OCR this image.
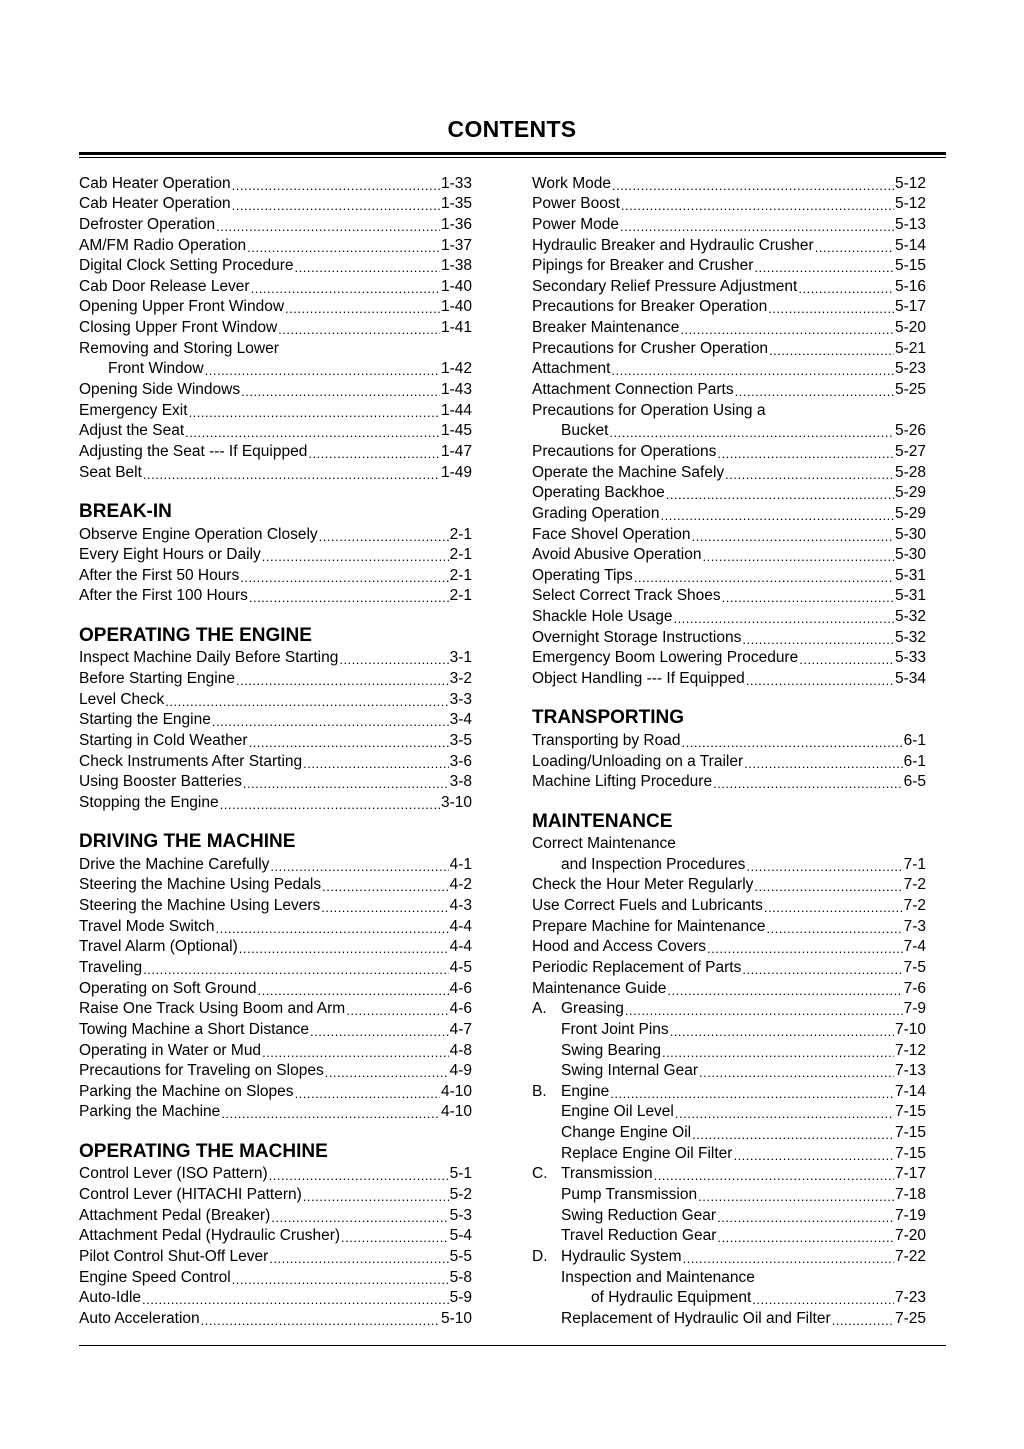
CONTENTS
Cab Heater Operation .....	1-33
Cab Heater Operation .....	1-35
Defroster Operation .....	1-36
AM/FM Radio Operation .....	1-37
Digital Clock Setting Procedure .....	1-38
Cab Door Release Lever .....	1-40
Opening Upper Front Window .....	1-40
Closing Upper Front Window .....	1-41
Removing and Storing Lower
Front Window .....	1-42
Opening Side Windows .....	1-43
Emergency Exit .....	1-44
Adjust the Seat .....	1-45
Adjusting the Seat --- If Equipped .....	1-47
Seat Belt .....	1-49
BREAK-IN
Observe Engine Operation Closely .....	2-1
Every Eight Hours or Daily .....	2-1
After the First 50 Hours .....	2-1
After the First 100 Hours .....	2-1
OPERATING THE ENGINE
Inspect Machine Daily Before Starting .....	3-1
Before Starting Engine .....	3-2
Level Check .....	3-3
Starting the Engine .....	3-4
Starting in Cold Weather .....	3-5
Check Instruments After Starting .....	3-6
Using Booster Batteries .....	3-8
Stopping the Engine .....	3-10
DRIVING THE MACHINE
Drive the Machine Carefully .....	4-1
Steering the Machine Using Pedals .....	4-2
Steering the Machine Using Levers .....	4-3
Travel Mode Switch .....	4-4
Travel Alarm (Optional) .....	4-4
Traveling .....	4-5
Operating on Soft Ground .....	4-6
Raise One Track Using Boom and Arm .....	4-6
Towing Machine a Short Distance .....	4-7
Operating in Water or Mud .....	4-8
Precautions for Traveling on Slopes .....	4-9
Parking the Machine on Slopes .....	4-10
Parking the Machine .....	4-10
OPERATING THE MACHINE
Control Lever (ISO Pattern) .....	5-1
Control Lever (HITACHI Pattern) .....	5-2
Attachment Pedal (Breaker) .....	5-3
Attachment Pedal (Hydraulic Crusher) .....	5-4
Pilot Control Shut-Off Lever .....	5-5
Engine Speed Control .....	5-8
Auto-Idle .....	5-9
Auto Acceleration .....	5-10
Work Mode .....	5-12
Power Boost .....	5-12
Power Mode .....	5-13
Hydraulic Breaker and Hydraulic Crusher .....	5-14
Pipings for Breaker and Crusher .....	5-15
Secondary Relief Pressure Adjustment .....	5-16
Precautions for Breaker Operation .....	5-17
Breaker Maintenance .....	5-20
Precautions for Crusher Operation .....	5-21
Attachment .....	5-23
Attachment Connection Parts .....	5-25
Precautions for Operation Using a
Bucket .....	5-26
Precautions for Operations .....	5-27
Operate the Machine Safely .....	5-28
Operating Backhoe .....	5-29
Grading Operation .....	5-29
Face Shovel Operation .....	5-30
Avoid Abusive Operation .....	5-30
Operating Tips .....	5-31
Select Correct Track Shoes .....	5-31
Shackle Hole Usage .....	5-32
Overnight Storage Instructions .....	5-32
Emergency Boom Lowering Procedure .....	5-33
Object Handling --- If Equipped .....	5-34
TRANSPORTING
Transporting by Road .....	6-1
Loading/Unloading on a Trailer .....	6-1
Machine Lifting Procedure .....	6-5
MAINTENANCE
Correct Maintenance
and Inspection Procedures .....	7-1
Check the Hour Meter Regularly .....	7-2
Use Correct Fuels and Lubricants .....	7-2
Prepare Machine for Maintenance .....	7-3
Hood and Access Covers .....	7-4
Periodic Replacement of Parts .....	7-5
Maintenance Guide .....	7-6
A. Greasing .....	7-9
Front Joint Pins .....	7-10
Swing Bearing .....	7-12
Swing Internal Gear .....	7-13
B. Engine .....	7-14
Engine Oil Level .....	7-15
Change Engine Oil .....	7-15
Replace Engine Oil Filter .....	7-15
C. Transmission .....	7-17
Pump Transmission .....	7-18
Swing Reduction Gear .....	7-19
Travel Reduction Gear .....	7-20
D. Hydraulic System .....	7-22
Inspection and Maintenance
of Hydraulic Equipment .....	7-23
Replacement of Hydraulic Oil and Filter .....	7-25
